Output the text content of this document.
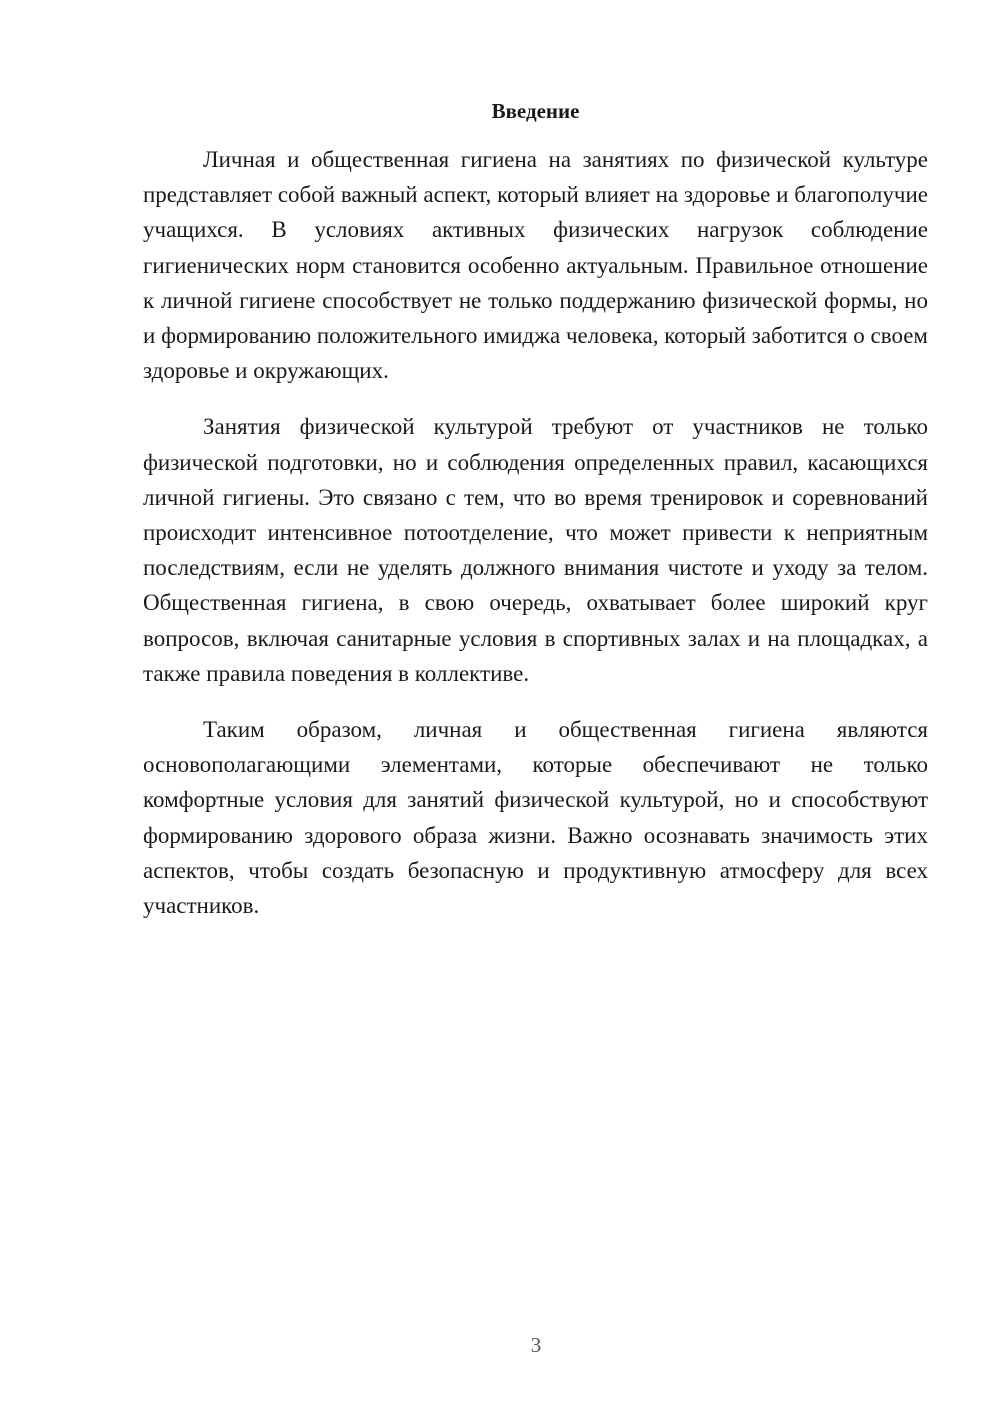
Введение

Личная и общественная гигиена на занятиях по физической культуре представляет собой важный аспект, который влияет на здоровье и благополучие учащихся. В условиях активных физических нагрузок соблюдение гигиенических норм становится особенно актуальным. Правильное отношение к личной гигиене способствует не только поддержанию физической формы, но и формированию положительного имиджа человека, который заботится о своем здоровье и окружающих.

Занятия физической культурой требуют от участников не только физической подготовки, но и соблюдения определенных правил, касающихся личной гигиены. Это связано с тем, что во время тренировок и соревнований происходит интенсивное потоотделение, что может привести к неприятным последствиям, если не уделять должного внимания чистоте и уходу за телом. Общественная гигиена, в свою очередь, охватывает более широкий круг вопросов, включая санитарные условия в спортивных залах и на площадках, а также правила поведения в коллективе.

Таким образом, личная и общественная гигиена являются основополагающими элементами, которые обеспечивают не только комфортные условия для занятий физической культурой, но и способствуют формированию здорового образа жизни. Важно осознавать значимость этих аспектов, чтобы создать безопасную и продуктивную атмосферу для всех участников.

3
